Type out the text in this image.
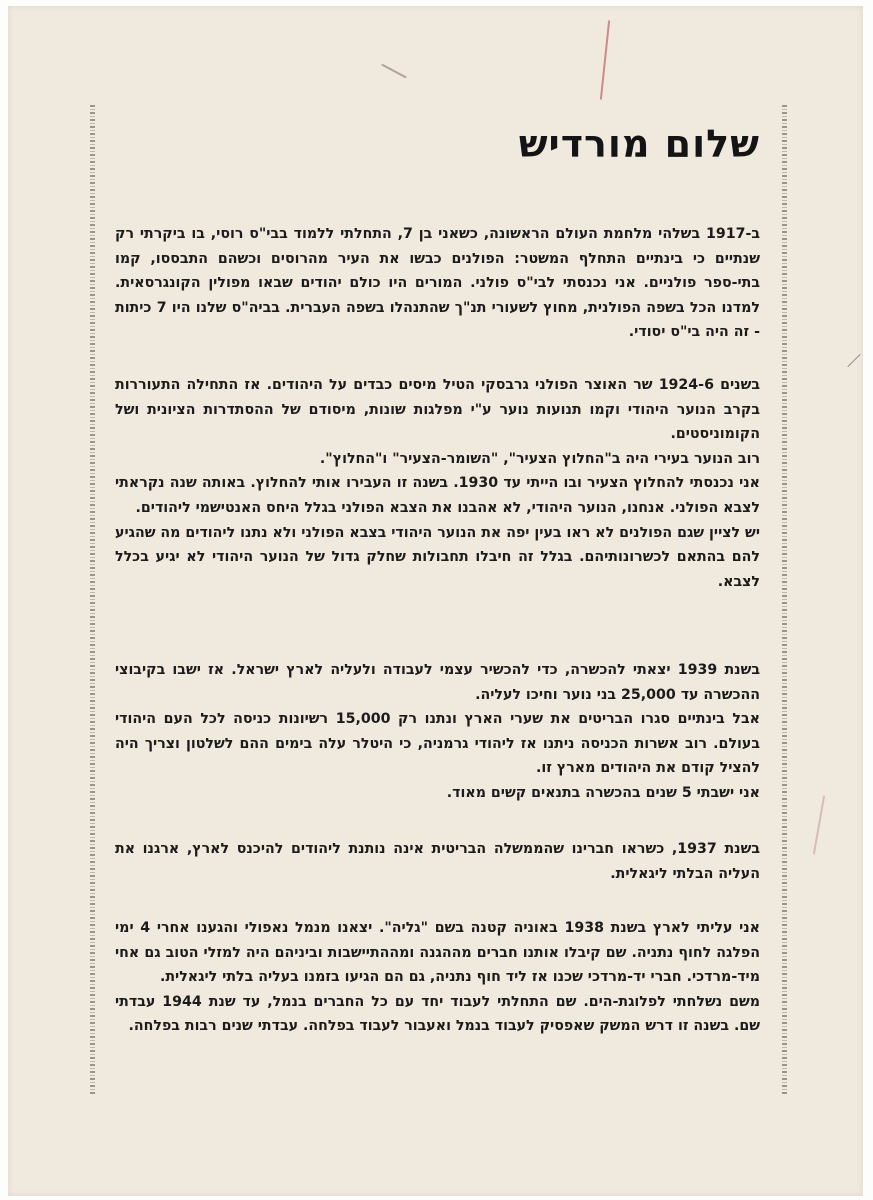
שלום מורדיש

ב-1917 בשלהי מלחמת העולם הראשונה, כשאני בן 7, התחלתי ללמוד בבי"ס רוסי, בו ביקרתי רק שנתיים כי בינתיים התחלף המשטר: הפולנים כבשו את העיר מהרוסים וכשהם התבססו, קמו בתי-ספר פולניים. אני נכנסתי לבי"ס פולני. המורים היו כולם יהודים שבאו מפולין הקונגרסאית. למדנו הכל בשפה הפולנית, מחוץ לשעורי תנ"ך שהתנהלו בשפה העברית. בביה"ס שלנו היו 7 כיתות - זה היה בי"ס יסודי.

בשנים 1924-6 שר האוצר הפולני גרבסקי הטיל מיסים כבדים על היהודים. אז התחילה התעוררות בקרב הנוער היהודי וקמו תנועות נוער ע"י מפלגות שונות, מיסודם של ההסתדרות הציונית ושל הקומוניסטים.

רוב הנוער בעירי היה ב"החלוץ הצעיר", "השומר-הצעיר" ו"החלוץ".

אני נכנסתי להחלוץ הצעיר ובו הייתי עד 1930. בשנה זו העבירו אותי להחלוץ. באותה שנה נקראתי לצבא הפולני. אנחנו, הנוער היהודי, לא אהבנו את הצבא הפולני בגלל היחס האנטישמי ליהודים.

יש לציין שגם הפולנים לא ראו בעין יפה את הנוער היהודי בצבא הפולני ולא נתנו ליהודים מה שהגיע להם בהתאם לכשרונותיהם. בגלל זה חיבלו תחבולות שחלק גדול של הנוער היהודי לא יגיע בכלל לצבא.

בשנת 1939 יצאתי להכשרה, כדי להכשיר עצמי לעבודה ולעליה לארץ ישראל. אז ישבו בקיבוצי ההכשרה עד 25,000 בני נוער וחיכו לעליה.

אבל בינתיים סגרו הבריטים את שערי הארץ ונתנו רק 15,000 רשיונות כניסה לכל העם היהודי בעולם. רוב אשרות הכניסה ניתנו אז ליהודי גרמניה, כי היטלר עלה בימים ההם לשלטון וצריך היה להציל קודם את היהודים מארץ זו.

אני ישבתי 5 שנים בהכשרה בתנאים קשים מאוד.

בשנת 1937, כשראו חברינו שהממשלה הבריטית אינה נותנת ליהודים להיכנס לארץ, ארגנו את העליה הבלתי ליגאלית.

אני עליתי לארץ בשנת 1938 באוניה קטנה בשם "גליה". יצאנו מנמל נאפולי והגענו אחרי 4 ימי הפלגה לחוף נתניה. שם קיבלו אותנו חברים מההגנה ומההתיישבות וביניהם היה למזלי הטוב גם אחי מיד-מרדכי. חברי יד-מרדכי שכנו אז ליד חוף נתניה, גם הם הגיעו בזמנו בעליה בלתי ליגאלית.

משם נשלחתי לפלוגת-הים. שם התחלתי לעבוד יחד עם כל החברים בנמל, עד שנת 1944 עבדתי שם. בשנה זו דרש המשק שאפסיק לעבוד בנמל ואעבור לעבוד בפלחה. עבדתי שנים רבות בפלחה.
